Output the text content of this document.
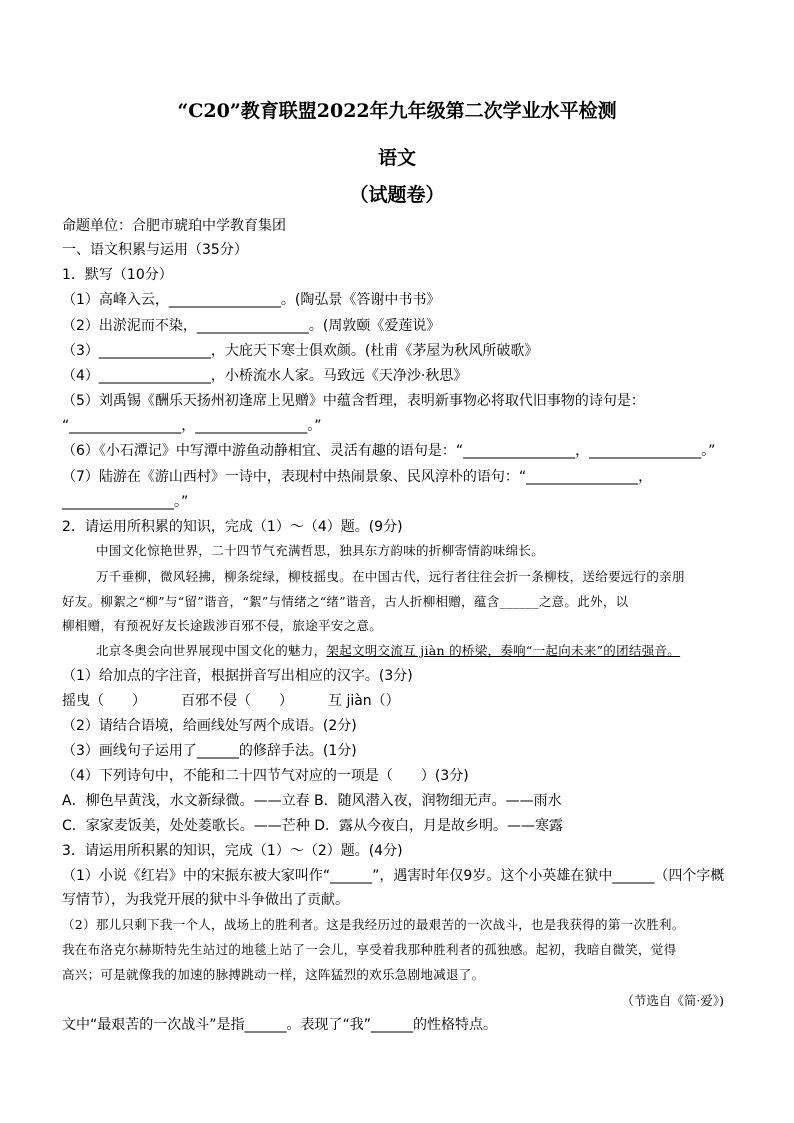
“C20”教育联盟2022年九年级第二次学业水平检测
语文
（试题卷）
命题单位：合肥市琥珀中学教育集团
一、语文积累与运用（35分）
1．默写（10分）
（1）高峰入云，________________。(陶弘景《答谢中书书》
（2）出淤泥而不染，________________。(周敦颐《爱莲说》
（3）________________，大庇天下寒士俱欢颜。(杜甫《茅屋为秋风所破歌》
（4）________________，小桥流水人家。马致远《天净沙·秋思》
（5）刘禹锡《酬乐天扬州初逢席上见赠》中蕴含哲理，表明新事物必将取代旧事物的诗句是：
“________________，________________。”
（6）《小石潭记》中写潭中游鱼动静相宜、灵活有趣的语句是：“________________，________________。”
（7）陆游在《游山西村》一诗中，表现村中热闹景象、民风淳朴的语句：“________________，
________________。”
2．请运用所积累的知识，完成（1）～（4）题。(9分)
中国文化惊艳世界，二十四节气充满哲思，独具东方韵味的折柳寄情韵味绵长。
万千垂柳，微风轻拂，柳条绽绿，柳枝摇曳。在中国古代，远行者往往会折一条柳枝，送给要远行的亲朋
好友。柳絮之“柳”与“留”谐音，“絮”与情绪之“绪”谐音，古人折柳相赠，蕴含______之意。此外，以
柳相赠，有预祝好友长途跋涉百邪不侵，旅途平安之意。
北京冬奥会向世界展现中国文化的魅力，架起文明交流互 jiàn 的桥梁，奏响“一起向未来”的团结强音。
（1）给加点的字注音，根据拼音写出相应的汉字。(3分)
摇曳（　　）　　　百邪不侵（　　）　　　互 jiàn（）
（2）请结合语境，给画线处写两个成语。(2分)
（3）画线句子运用了______的修辞手法。(1分)
（4）下列诗句中，不能和二十四节气对应的一项是（　　）(3分)
A．柳色早黄浅，水文新绿微。——立春 B．随风潜入夜，润物细无声。——雨水
C．家家麦饭美，处处菱歌长。——芒种 D．露从今夜白，月是故乡明。——寒露
3．请运用所积累的知识，完成（1）～（2）题。(4分)
（1）小说《红岩》中的宋振东被大家叫作“______”，遇害时年仅9岁。这个小英雄在狱中______（四个字概
写情节），为我党开展的狱中斗争做出了贡献。
（2）那儿只剩下我一个人，战场上的胜利者。这是我经历过的最艰苦的一次战斗，也是我获得的第一次胜利。
我在布洛克尔赫斯特先生站过的地毯上站了一会儿，享受着我那种胜利者的孤独感。起初，我暗自微笑，觉得
高兴；可是就像我的加速的脉搏跳动一样，这阵猛烈的欢乐急剧地减退了。
（节选自《简·爱》)
文中“最艰苦的一次战斗”是指______。表现了“我”______的性格特点。
